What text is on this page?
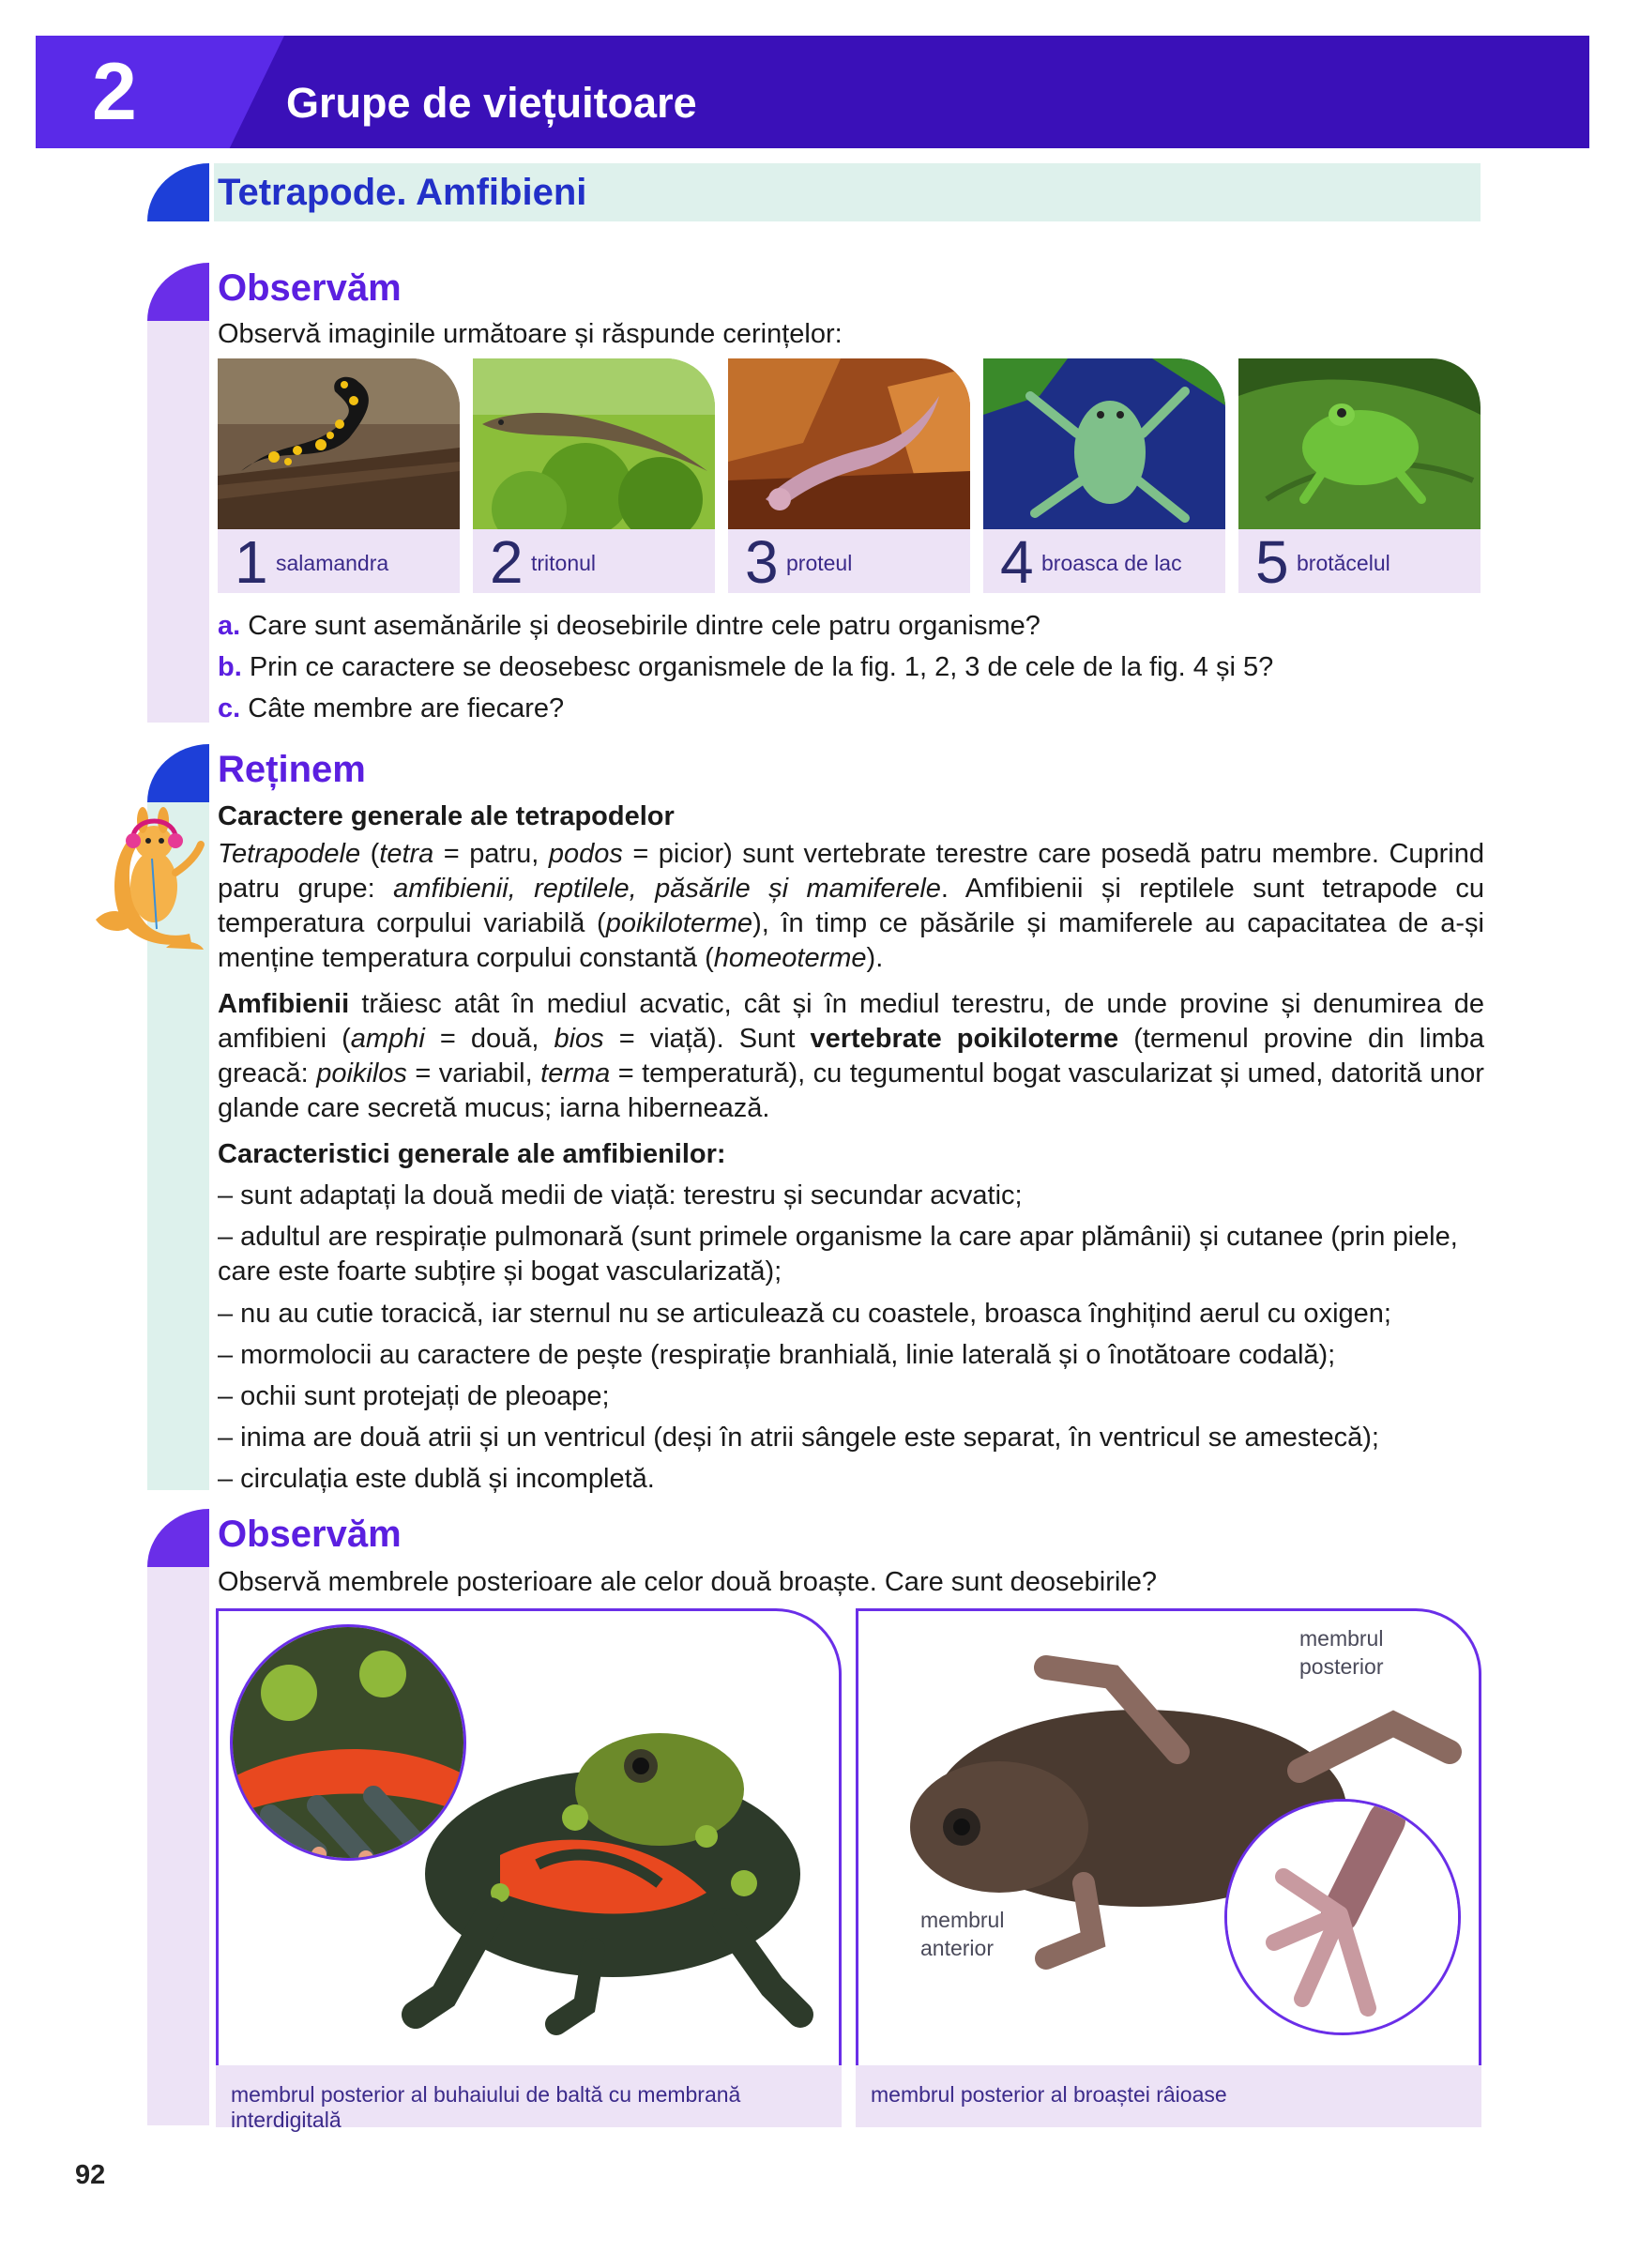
2	Grupe de viețuitoare
Tetrapode. Amfibieni
Observăm
Observă imaginile următoare și răspunde cerințelor:
1 salamandra 2 tritonul 3 proteul 4 broasca de lac 5 brotăcelul
a. Care sunt asemănările și deosebirile dintre cele patru organisme?
b. Prin ce caractere se deosebesc organismele de la fig. 1, 2, 3 de cele de la fig. 4 și 5?
c. Câte membre are fiecare?
Reținem
Caractere generale ale tetrapodelor
Tetrapodele (tetra = patru, podos = picior) sunt vertebrate terestre care posedă patru membre. Cuprind patru grupe: amfibienii, reptilele, păsările și mamiferele. Amfibienii și reptilele sunt tetrapode cu temperatura corpului variabilă (poikiloterme), în timp ce păsările și mamiferele au capacitatea de a-și menține temperatura corpului constantă (homeoterme).
Amfibienii trăiesc atât în mediul acvatic, cât și în mediul terestru, de unde provine și denumirea de amfibieni (amphi = două, bios = viață). Sunt vertebrate poikiloterme (termenul provine din limba greacă: poikilos = variabil, terma = temperatură), cu tegumentul bogat vascularizat și umed, datorită unor glande care secretă mucus; iarna hibernează.
Caracteristici generale ale amfibienilor:
– sunt adaptați la două medii de viață: terestru și secundar acvatic;
– adultul are respirație pulmonară (sunt primele organisme la care apar plămânii) și cutanee (prin piele, care este foarte subțire și bogat vascularizată);
– nu au cutie toracică, iar sternul nu se articulează cu coastele, broasca înghițind aerul cu oxigen;
– mormolocii au caractere de pește (respirație branhială, linie laterală și o înotătoare codală);
– ochii sunt protejați de pleoape;
– inima are două atrii și un ventricul (deși în atrii sângele este separat, în ventricul se amestecă);
– circulația este dublă și incompletă.
Observăm
Observă membrele posterioare ale celor două broaște. Care sunt deosebirile?
membrul posterior al buhaiului de baltă cu membrană interdigitală
membrul
posterior
membrul
anterior
membrul posterior al broaștei râioase
92
